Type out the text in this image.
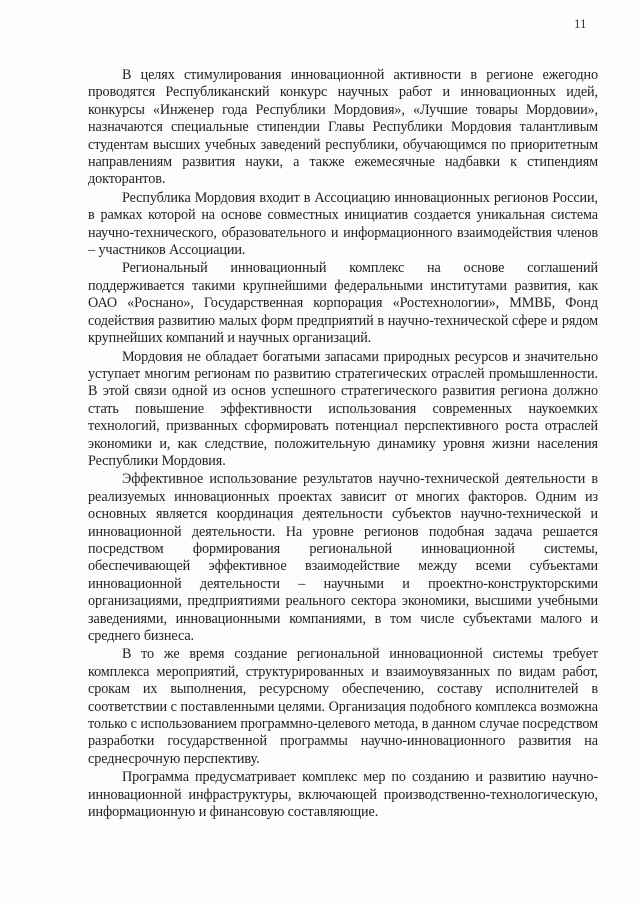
11

В целях стимулирования инновационной активности в регионе ежегодно проводятся Республиканский конкурс научных работ и инновационных идей, конкурсы «Инженер года Республики Мордовия», «Лучшие товары Мордовии», назначаются специальные стипендии Главы Республики Мордовия талантливым студентам высших учебных заведений республики, обучающимся по приоритетным направлениям развития науки, а также ежемесячные надбавки к стипендиям докторантов.

Республика Мордовия входит в Ассоциацию инновационных регионов России, в рамках которой на основе совместных инициатив создается уникальная система научно-технического, образовательного и информационного взаимодействия членов – участников Ассоциации.

Региональный инновационный комплекс на основе соглашений поддерживается такими крупнейшими федеральными институтами развития, как ОАО «Роснано», Государственная корпорация «Ростехнологии», ММВБ, Фонд содействия развитию малых форм предприятий в научно-технической сфере и рядом крупнейших компаний и научных организаций.

Мордовия не обладает богатыми запасами природных ресурсов и значительно уступает многим регионам по развитию стратегических отраслей промышленности. В этой связи одной из основ успешного стратегического развития региона должно стать повышение эффективности использования современных наукоемких технологий, призванных сформировать потенциал перспективного роста отраслей экономики и, как следствие, положительную динамику уровня жизни населения Республики Мордовия.

Эффективное использование результатов научно-технической деятельности в реализуемых инновационных проектах зависит от многих факторов. Одним из основных является координация деятельности субъектов научно-технической и инновационной деятельности. На уровне регионов подобная задача решается посредством формирования региональной инновационной системы, обеспечивающей эффективное взаимодействие между всеми субъектами инновационной деятельности – научными и проектно-конструкторскими организациями, предприятиями реального сектора экономики, высшими учебными заведениями, инновационными компаниями, в том числе субъектами малого и среднего бизнеса.

В то же время создание региональной инновационной системы требует комплекса мероприятий, структурированных и взаимоувязанных по видам работ, срокам их выполнения, ресурсному обеспечению, составу исполнителей в соответствии с поставленными целями. Организация подобного комплекса возможна только с использованием программно-целевого метода, в данном случае посредством разработки государственной программы научно-инновационного развития на среднесрочную перспективу.

Программа предусматривает комплекс мер по созданию и развитию научно-инновационной инфраструктуры, включающей производственно-технологическую, информационную и финансовую составляющие.
